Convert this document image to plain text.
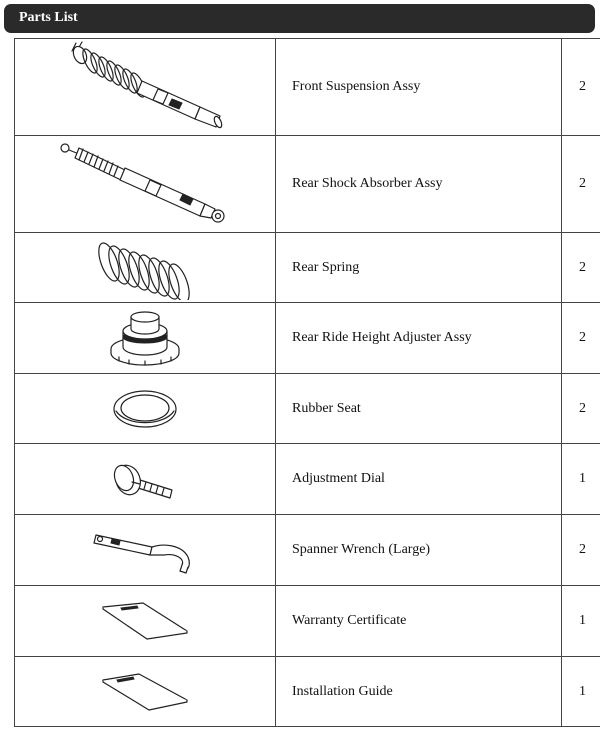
Parts List
	Front Suspension Assy	2

	Rear Shock Absorber Assy	2

	Rear Spring	2

	Rear Ride Height Adjuster Assy	2

	Rubber Seat	2

	Adjustment Dial	1

	Spanner Wrench (Large)	2

	Warranty Certificate	1

	Installation Guide	1
